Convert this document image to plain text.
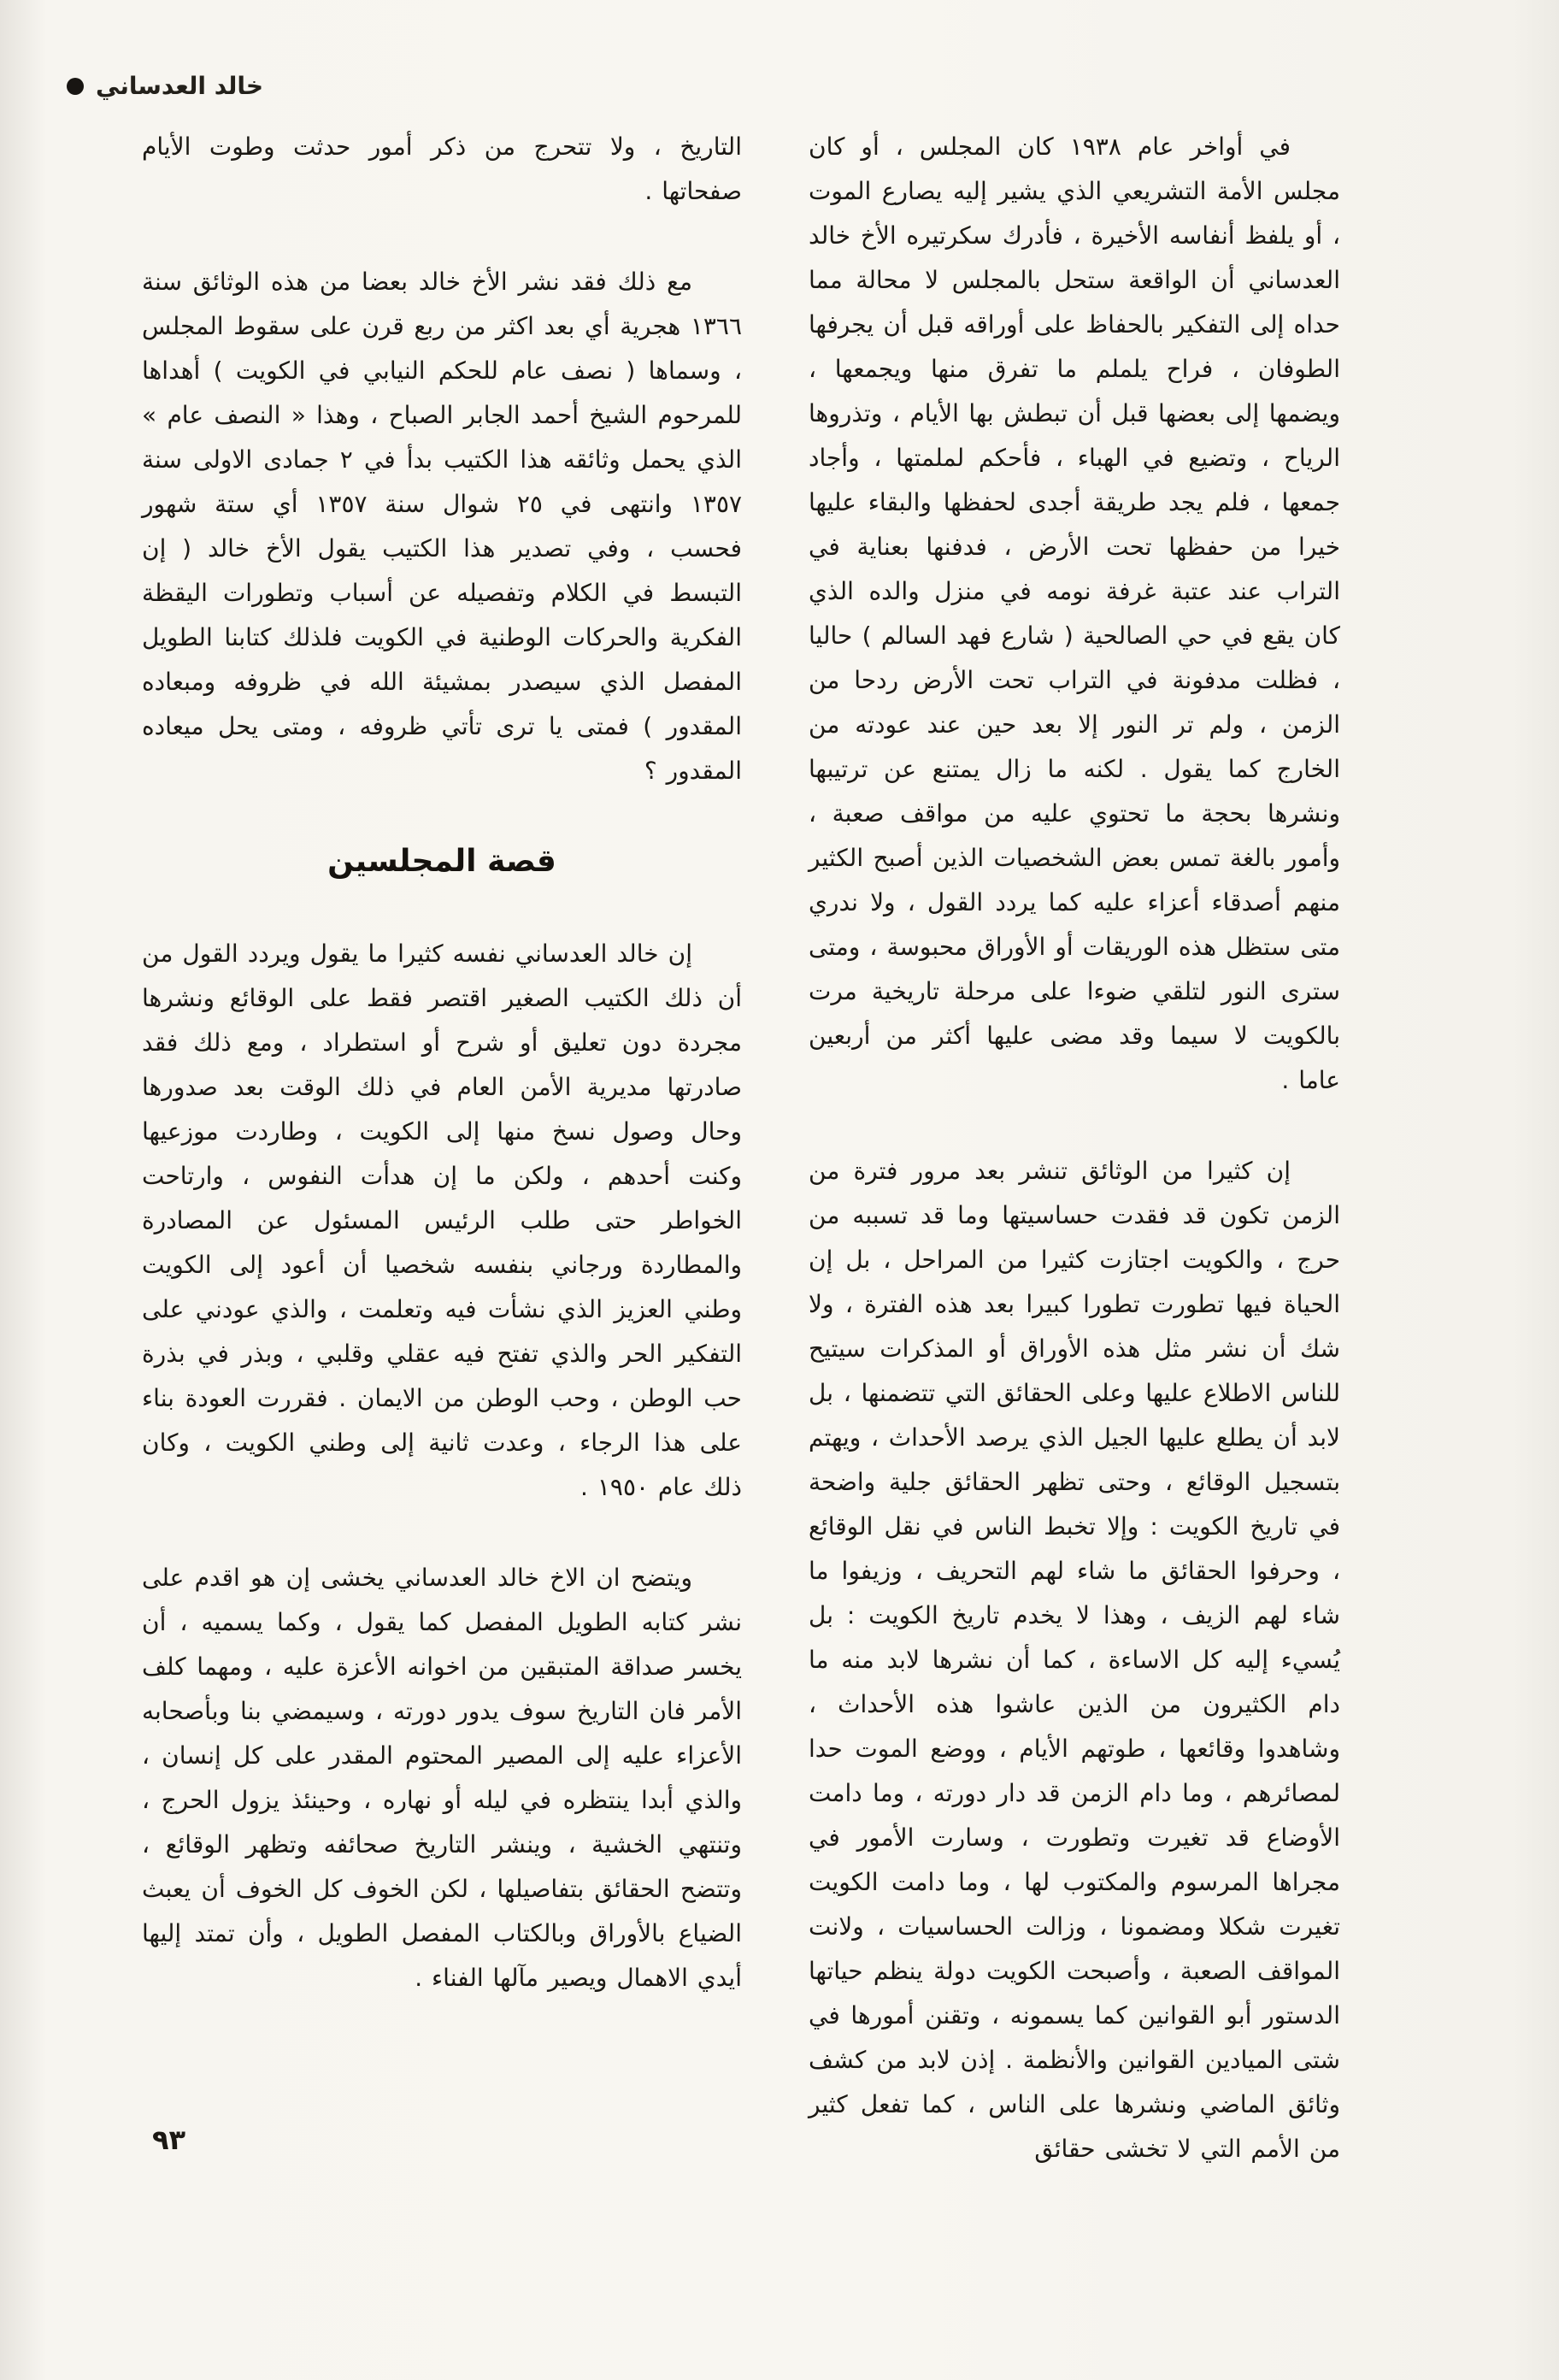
خالد العدساني

في أواخر عام ١٩٣٨ كان المجلس ، أو كان مجلس الأمة التشريعي الذي يشير إليه يصارع الموت ، أو يلفظ أنفاسه الأخيرة ، فأدرك سكرتيره الأخ خالد العدساني أن الواقعة ستحل بالمجلس لا محالة مما حداه إلى التفكير بالحفاظ على أوراقه قبل أن يجرفها الطوفان ، فراح يلملم ما تفرق منها ويجمعها ، ويضمها إلى بعضها قبل أن تبطش بها الأيام ، وتذروها الرياح ، وتضيع في الهباء ، فأحكم لملمتها ، وأجاد جمعها ، فلم يجد طريقة أجدى لحفظها والبقاء عليها خيرا من حفظها تحت الأرض ، فدفنها بعناية في التراب عند عتبة غرفة نومه في منزل والده الذي كان يقع في حي الصالحية ( شارع فهد السالم ) حاليا ، فظلت مدفونة في التراب تحت الأرض ردحا من الزمن ، ولم تر النور إلا بعد حين عند عودته من الخارج كما يقول . لكنه ما زال يمتنع عن ترتيبها ونشرها بحجة ما تحتوي عليه من مواقف صعبة ، وأمور بالغة تمس بعض الشخصيات الذين أصبح الكثير منهم أصدقاء أعزاء عليه كما يردد القول ، ولا ندري متى ستظل هذه الوريقات أو الأوراق محبوسة ، ومتى سترى النور لتلقي ضوءا على مرحلة تاريخية مرت بالكويت لا سيما وقد مضى عليها أكثر من أربعين عاما .

إن كثيرا من الوثائق تنشر بعد مرور فترة من الزمن تكون قد فقدت حساسيتها وما قد تسببه من حرج ، والكويت اجتازت كثيرا من المراحل ، بل إن الحياة فيها تطورت تطورا كبيرا بعد هذه الفترة ، ولا شك أن نشر مثل هذه الأوراق أو المذكرات سيتيح للناس الاطلاع عليها وعلى الحقائق التي تتضمنها ، بل لابد أن يطلع عليها الجيل الذي يرصد الأحداث ، ويهتم بتسجيل الوقائع ، وحتى تظهر الحقائق جلية واضحة في تاريخ الكويت : وإلا تخبط الناس في نقل الوقائع ، وحرفوا الحقائق ما شاء لهم التحريف ، وزيفوا ما شاء لهم الزيف ، وهذا لا يخدم تاريخ الكويت : بل يُسيء إليه كل الاساءة ، كما أن نشرها لابد منه ما دام الكثيرون من الذين عاشوا هذه الأحداث ، وشاهدوا وقائعها ، طوتهم الأيام ، ووضع الموت حدا لمصائرهم ، وما دام الزمن قد دار دورته ، وما دامت الأوضاع قد تغيرت وتطورت ، وسارت الأمور في مجراها المرسوم والمكتوب لها ، وما دامت الكويت تغيرت شكلا ومضمونا ، وزالت الحساسيات ، ولانت المواقف الصعبة ، وأصبحت الكويت دولة ينظم حياتها الدستور أبو القوانين كما يسمونه ، وتقنن أمورها في شتى الميادين القوانين والأنظمة . إذن لابد من كشف وثائق الماضي ونشرها على الناس ، كما تفعل كثير من الأمم التي لا تخشى حقائق

التاريخ ، ولا تتحرج من ذكر أمور حدثت وطوت الأيام صفحاتها .

مع ذلك فقد نشر الأخ خالد بعضا من هذه الوثائق سنة ١٣٦٦ هجرية أي بعد اكثر من ربع قرن على سقوط المجلس ، وسماها ( نصف عام للحكم النيابي في الكويت ) أهداها للمرحوم الشيخ أحمد الجابر الصباح ، وهذا « النصف عام » الذي يحمل وثائقه هذا الكتيب بدأ في ٢ جمادى الاولى سنة ١٣٥٧ وانتهى في ٢٥ شوال سنة ١٣٥٧ أي ستة شهور فحسب ، وفي تصدير هذا الكتيب يقول الأخ خالد ( إن التبسط في الكلام وتفصيله عن أسباب وتطورات اليقظة الفكرية والحركات الوطنية في الكويت فلذلك كتابنا الطويل المفصل الذي سيصدر بمشيئة الله في ظروفه ومبعاده المقدور ) فمتى يا ترى تأتي ظروفه ، ومتى يحل ميعاده المقدور ؟

قصة المجلسين

إن خالد العدساني نفسه كثيرا ما يقول ويردد القول من أن ذلك الكتيب الصغير اقتصر فقط على الوقائع ونشرها مجردة دون تعليق أو شرح أو استطراد ، ومع ذلك فقد صادرتها مديرية الأمن العام في ذلك الوقت بعد صدورها وحال وصول نسخ منها إلى الكويت ، وطاردت موزعيها وكنت أحدهم ، ولكن ما إن هدأت النفوس ، وارتاحت الخواطر حتى طلب الرئيس المسئول عن المصادرة والمطاردة ورجاني بنفسه شخصيا أن أعود إلى الكويت وطني العزيز الذي نشأت فيه وتعلمت ، والذي عودني على التفكير الحر والذي تفتح فيه عقلي وقلبي ، وبذر في بذرة حب الوطن ، وحب الوطن من الايمان . فقررت العودة بناء على هذا الرجاء ، وعدت ثانية إلى وطني الكويت ، وكان ذلك عام ١٩٥٠ .

ويتضح ان الاخ خالد العدساني يخشى إن هو اقدم على نشر كتابه الطويل المفصل كما يقول ، وكما يسميه ، أن يخسر صداقة المتبقين من اخوانه الأعزة عليه ، ومهما كلف الأمر فان التاريخ سوف يدور دورته ، وسيمضي بنا وبأصحابه الأعزاء عليه إلى المصير المحتوم المقدر على كل إنسان ، والذي أبدا ينتظره في ليله أو نهاره ، وحينئذ يزول الحرج ، وتنتهي الخشية ، وينشر التاريخ صحائفه وتظهر الوقائع ، وتتضح الحقائق بتفاصيلها ، لكن الخوف كل الخوف أن يعبث الضياع بالأوراق وبالكتاب المفصل الطويل ، وأن تمتد إليها أيدي الاهمال ويصير مآلها الفناء .

٩٣
